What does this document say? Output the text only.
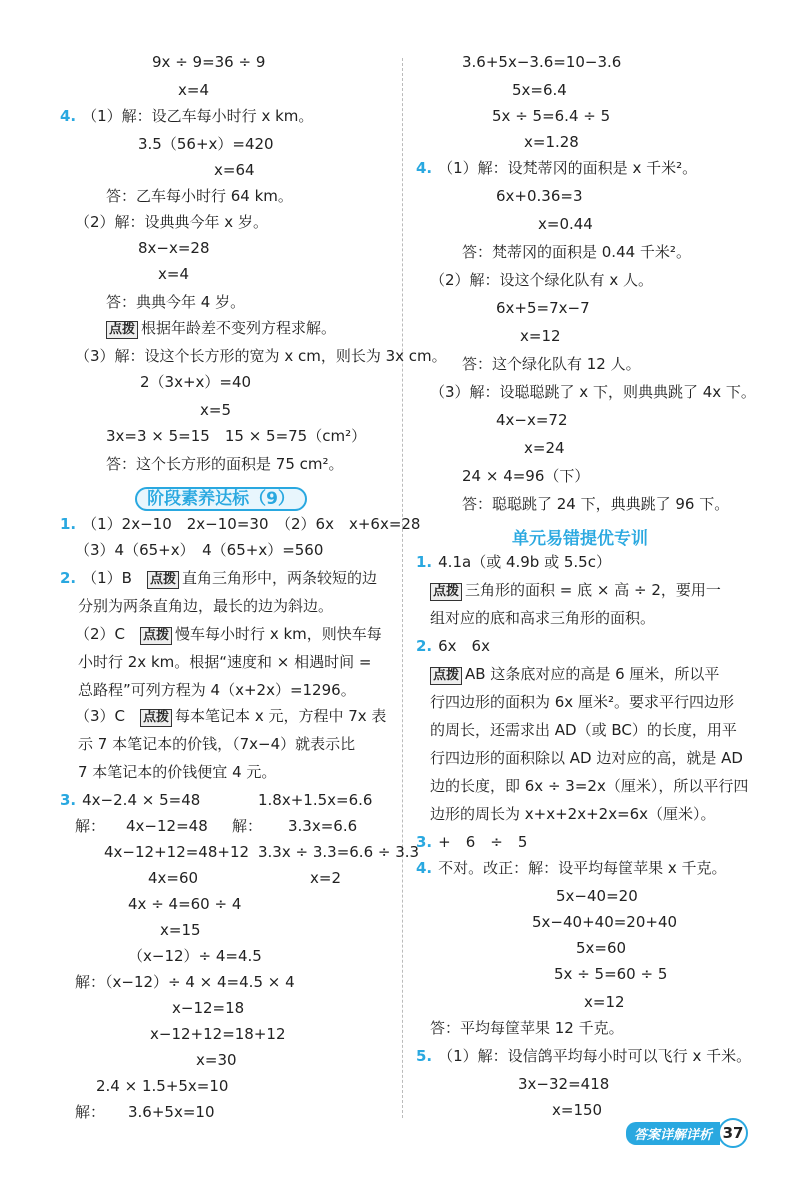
9x ÷ 9=36 ÷ 9
x=4
4. （1）解：设乙车每小时行 x km。
3.5（56+x）=420
x=64
答：乙车每小时行 64 km。
（2）解：设典典今年 x 岁。
8x−x=28
x=4
答：典典今年 4 岁。
点拨 根据年龄差不变列方程求解。
（3）解：设这个长方形的宽为 x cm，则长为 3x cm。
2（3x+x）=40
x=5
3x=3 × 5=15　15 × 5=75（cm²）
答：这个长方形的面积是 75 cm²。
1. （1）2x−10　2x−10=30　（2）6x　x+6x=28
（3）4（65+x）　4（65+x）=560
2. （1）B　点拨 直角三角形中，两条较短的边
分别为两条直角边，最长的边为斜边。
（2）C　点拨 慢车每小时行 x km，则快车每
小时行 2x km。根据“速度和 × 相遇时间 =
总路程”可列方程为 4（x+2x）=1296。
（3）C　点拨 每本笔记本 x 元，方程中 7x 表
示 7 本笔记本的价钱，（7x−4）就表示比
7 本笔记本的价钱便宜 4 元。
3. 4x−2.4 × 5=48
解： 4x−12=48
4x−12+12=48+12
4x=60
4x ÷ 4=60 ÷ 4
x=15
（x−12）÷ 4=4.5
解：（x−12）÷ 4 × 4=4.5 × 4
x−12=18
x−12+12=18+12
x=30
2.4 × 1.5+5x=10
解： 3.6+5x=10
1.8x+1.5x=6.6
解： 3.3x=6.6
3.3x ÷ 3.3=6.6 ÷ 3.3
x=2
3.6+5x−3.6=10−3.6
5x=6.4
5x ÷ 5=6.4 ÷ 5
x=1.28
4. （1）解：设梵蒂冈的面积是 x 千米²。
6x+0.36=3
x=0.44
答：梵蒂冈的面积是 0.44 千米²。
（2）解：设这个绿化队有 x 人。
6x+5=7x−7
x=12
答：这个绿化队有 12 人。
（3）解：设聪聪跳了 x 下，则典典跳了 4x 下。
4x−x=72
x=24
24 × 4=96（下）
答：聪聪跳了 24 下，典典跳了 96 下。
1. 4.1a（或 4.9b 或 5.5c）
点拨 三角形的面积 = 底 × 高 ÷ 2，要用一
组对应的底和高求三角形的面积。
2. 6x　6x
点拨 AB 这条底对应的高是 6 厘米，所以平
行四边形的面积为 6x 厘米²。要求平行四边形
的周长，还需求出 AD（或 BC）的长度，用平
行四边形的面积除以 AD 边对应的高，就是 AD
边的长度，即 6x ÷ 3=2x（厘米），所以平行四
边形的周长为 x+x+2x+2x=6x（厘米）。
3. +　6　÷　5
4. 不对。改正：解：设平均每筐苹果 x 千克。
5x−40=20
5x−40+40=20+40
5x=60
5x ÷ 5=60 ÷ 5
x=12
答：平均每筐苹果 12 千克。
5. （1）解：设信鸽平均每小时可以飞行 x 千米。
3x−32=418
x=150
阶段素养达标（9）
单元易错提优专训
答案详解详析 37
